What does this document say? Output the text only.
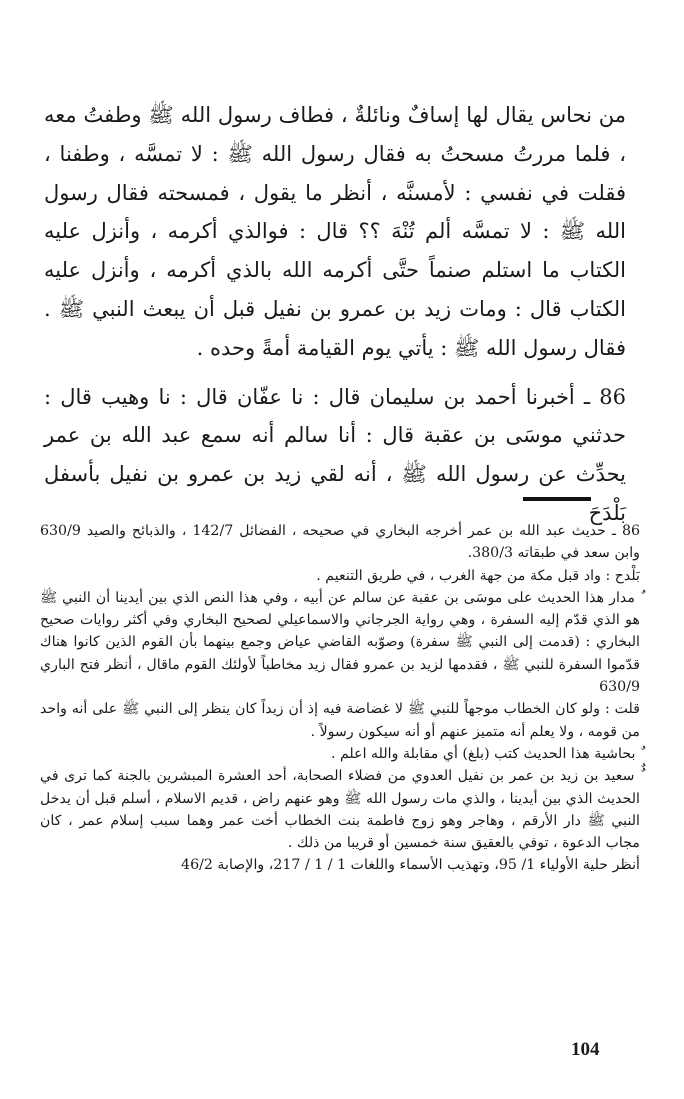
من نحاس يقال لها إسافٌ ونائلةٌ ، فطاف رسول الله ﷺ وطفتُ معه ، فلما مررتُ مسحتُ به فقال رسول الله ﷺ : لا تمسَّه ، وطفنا ، فقلت في نفسي : لأمسنَّه ، أنظر ما يقول ، فمسحته فقال رسول الله ﷺ : لا تمسَّه ألم تُنْهَ ؟؟ قال : فوالذي أكرمه ، وأنزل عليه الكتاب ما استلم صنماً حتَّى أكرمه الله بالذي أكرمه ، وأنزل عليه الكتاب قال : ومات زيد بن عمرو بن نفيل قبل أن يبعث النبي ﷺ . فقال رسول الله ﷺ : يأتي يوم القيامة أمةً وحده .

86 ـ أخبرنا أحمد بن سليمان قال : نا عفّان قال : نا وهيب قال : حدثني موسَى بن عقبة قال : أنا سالم أنه سمع عبد الله بن عمر يحدِّث عن رسول الله ﷺ ، أنه لقي زيد بن عمرو بن نفيل بأسفل بَلْدَحَ

86 ـ حديث عبد الله بن عمر أخرجه البخاري في صحيحه ، الفضائل 142/7 ، والذبائح والصيد 630/9 وابن سعد في طبقاته 380/3.

بَلْدح : واد قبل مكة من جهة الغرب ، في طريق التنعيم .

ٌ مدار هذا الحديث على موسَى بن عقبة عن سالم عن أبيه ، وفي هذا النص الذي بين أيدينا أن النبي ﷺ هو الذي قدّم إليه السفرة ، وهي رواية الجرجاني والاسماعيلي لصحيح البخاري وفي أكثر روايات صحيح البخاري : (قدمت إلى النبي ﷺ سفرة) وصوّبه القاضي عياض وجمع بينهما بأن القوم الذين كانوا هناك قدّموا السفرة للنبي ﷺ ، فقدمها لزيد بن عمرو فقال زيد مخاطباً لأولئك القوم ماقال ، أنظر فتح الباري 630/9

قلت : ولو كان الخطاب موجهاً للنبي ﷺ لا غضاضة فيه إذ أن زيداً كان ينظر إلى النبي ﷺ على أنه واحد من قومه ، ولا يعلم أنه متميز عنهم أو أنه سيكون رسولاً .

ٌ بحاشية هذا الحديث كتب (بلغ) أي مقابلة والله اعلم .

ٌٌ سعيد بن زيد بن عمر بن نفيل العدوي من فضلاء الصحابة، أحد العشرة المبشرين بالجنة كما ترى في الحديث الذي بين أيدينا ، والذي مات رسول الله ﷺ وهو عنهم راض ، قديم الاسلام ، أسلم قبل أن يدخل النبي ﷺ دار الأرقم ، وهاجر وهو زوج فاطمة بنت الخطاب أخت عمر وهما سبب إسلام عمر ، كان مجاب الدعوة ، توفي بالعقيق سنة خمسين أو قريبا من ذلك .

أنظر حلية الأولياء 1/ 95، وتهذيب الأسماء واللغات 1 / 1 / 217، والإصابة 46/2

104
